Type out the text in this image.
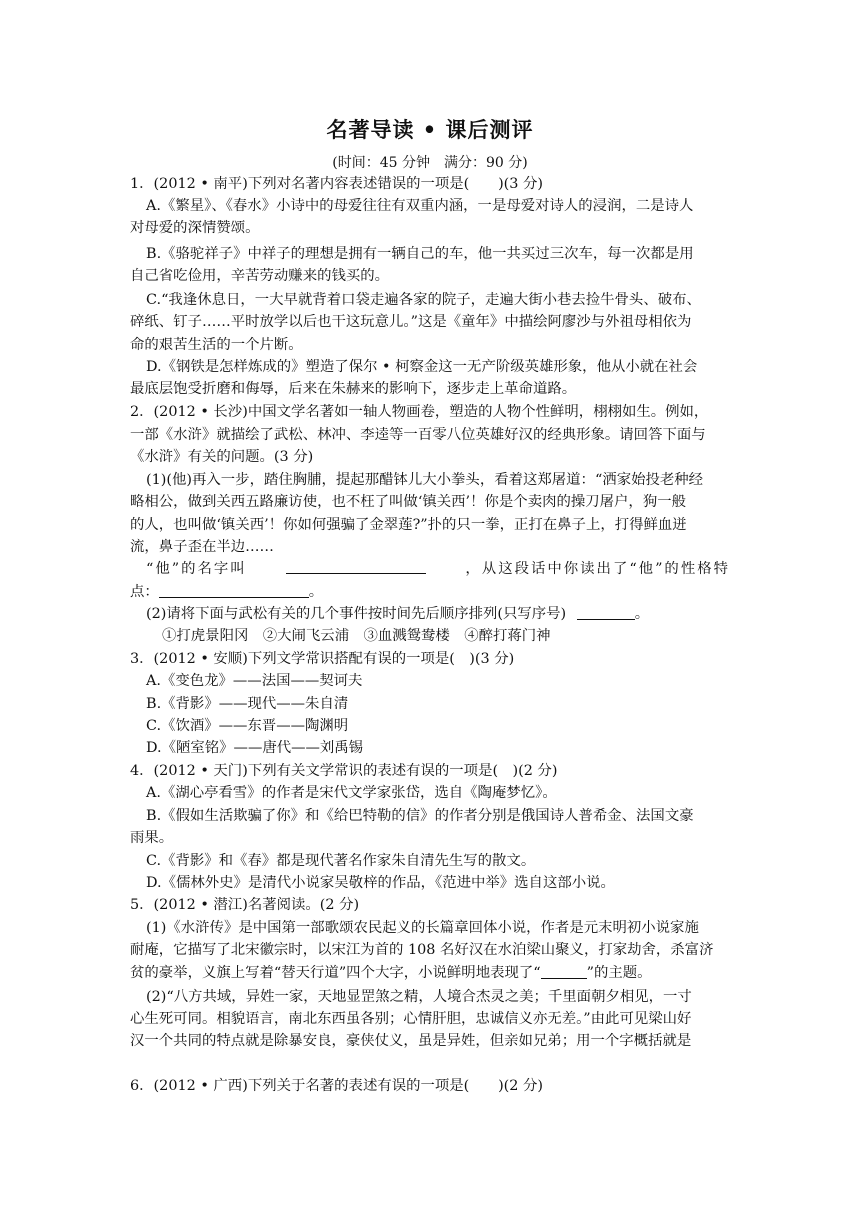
名著导读 • 课后测评
(时间：45 分钟　满分：90 分)
1．(2012 • 南平)下列对名著内容表述错误的一项是(　　)(3 分)
A.《繁星》、《春水》小诗中的母爱往往有双重内涵，一是母爱对诗人的浸润，二是诗人
对母爱的深情赞颂。
B.《骆驼祥子》中祥子的理想是拥有一辆自己的车，他一共买过三次车，每一次都是用
自己省吃俭用，辛苦劳动赚来的钱买的。
C.“我逢休息日，一大早就背着口袋走遍各家的院子，走遍大街小巷去捡牛骨头、破布、
碎纸、钉子……平时放学以后也干这玩意儿。”这是《童年》中描绘阿廖沙与外祖母相依为
命的艰苦生活的一个片断。
D.《钢铁是怎样炼成的》塑造了保尔 • 柯察金这一无产阶级英雄形象，他从小就在社会
最底层饱受折磨和侮辱，后来在朱赫来的影响下，逐步走上革命道路。
2．(2012 • 长沙)中国文学名著如一轴人物画卷，塑造的人物个性鲜明，栩栩如生。例如，
一部《水浒》就描绘了武松、林冲、李逵等一百零八位英雄好汉的经典形象。请回答下面与
《水浒》有关的问题。(3 分)
(1)(他)再入一步，踏住胸脯，提起那醋钵儿大小拳头，看着这郑屠道：“洒家始投老种经
略相公，做到关西五路廉访使，也不枉了叫做‘镇关西’！你是个卖肉的操刀屠户，狗一般
的人，也叫做‘镇关西’！你如何强骗了金翠莲?”扑的只一拳，正打在鼻子上，打得鲜血迸
流，鼻子歪在半边……
“他”的名字叫	，从这段话中你读出了“他”的性格特
点：	。
(2)请将下面与武松有关的几个事件按时间先后顺序排列(只写序号)	。
①打虎景阳冈　②大闹飞云浦　③血溅鸳鸯楼　④醉打蒋门神
3．(2012 • 安顺)下列文学常识搭配有误的一项是(　)(3 分)
A.《变色龙》——法国——契诃夫
B.《背影》——现代——朱自清
C.《饮酒》——东晋——陶渊明
D.《陋室铭》——唐代——刘禹锡
4．(2012 • 天门)下列有关文学常识的表述有误的一项是(　)(2 分)
A.《湖心亭看雪》的作者是宋代文学家张岱，选自《陶庵梦忆》。
B.《假如生活欺骗了你》和《给巴特勒的信》的作者分别是俄国诗人普希金、法国文豪
雨果。
C.《背影》和《春》都是现代著名作家朱自清先生写的散文。
D.《儒林外史》是清代小说家吴敬梓的作品，《范进中举》选自这部小说。
5．(2012 • 潜江)名著阅读。(2 分)
(1)《水浒传》是中国第一部歌颂农民起义的长篇章回体小说，作者是元末明初小说家施
耐庵，它描写了北宋徽宗时，以宋江为首的 108 名好汉在水泊梁山聚义，打家劫舍，杀富济
贫的豪举，义旗上写着“替天行道”四个大字，小说鲜明地表现了“	”的主题。
(2)“八方共域，异姓一家，天地显罡煞之精，人境合杰灵之美；千里面朝夕相见，一寸
心生死可同。相貌语言，南北东西虽各别；心情肝胆，忠诚信义亦无差。”由此可见梁山好
汉一个共同的特点就是除暴安良，豪侠仗义，虽是异姓，但亲如兄弟；用一个字概括就是
6．(2012 • 广西)下列关于名著的表述有误的一项是(　　)(2 分)
